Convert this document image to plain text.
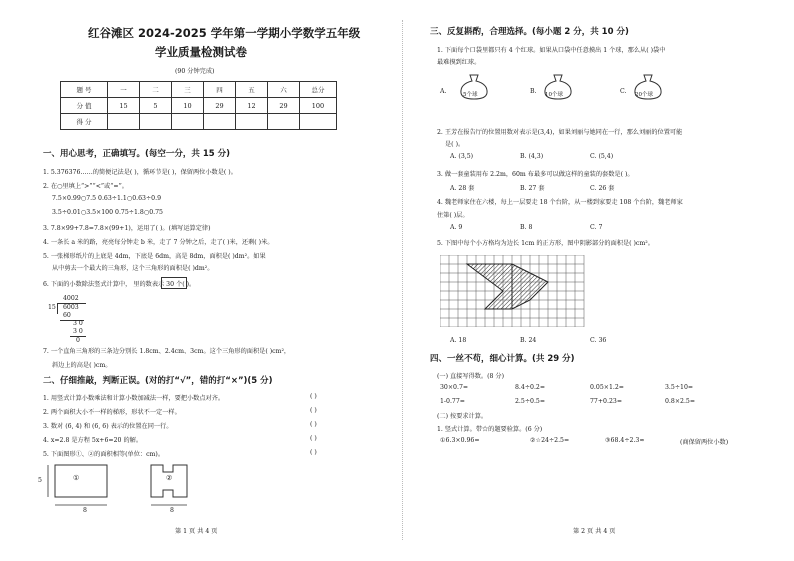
红谷滩区 2024-2025 学年第一学期小学数学五年级
学业质量检测试卷
(90 分钟完成)
题 号	一	二	三	四	五	六	总分
分 值	15	5	10	29	12	29	100
得 分							
一、用心思考，正确填写。(每空一分，共 15 分)
1. 5.376376……的简便记法是( )，循环节是( )，保留两位小数是( )。
2. 在○里填上“>”“<”或“=”。
7.5×0.99○7.5 0.63÷1.1○0.63÷0.9
3.5÷0.01○3.5×100 0.75÷1.8○0.75
3. 7.8×99+7.8=7.8×(99+1)，运用了( )。(填写运算定律)
4. 一条长 a 米的路，亮亮每分钟走 b 米，走了 7 分钟之后，走了( )米，还剩( )米。
5. 一张梯形纸片的上底是 4dm，下底是 6dm，高是 8dm，面积是( )dm²。如果
从中剪去一个最大的三角形，这个三角形的面积是( )dm²。
6. 下面的小数除法竖式计算中， 里的数表示 30 个( )。
4002
15 6003
60
3 0
3 0
0
7. 一个直角三角形的三条边分别长 1.8cm、2.4cm、3cm。这个三角形的面积是( )cm²，
斜边上的高是( )cm。
二、仔细推敲，判断正误。(对的打“√”，错的打“×”)(5 分)
1. 用竖式计算小数乘法和计算小数加减法一样，要把小数点对齐。
2. 两个面积大小不一样的梯形，形状不一定一样。
3. 数对 (6, 4) 和 (6, 6) 表示的位置在同一行。
4. x=2.8 是方程 5x+6=20 的解。
5. 下面图形①、②的面积相等(单位：cm)。
( )
( )
( )
( )
( )
①	②
5
8	8
第 1 页 共 4 页
三、反复斟酌，合理选择。(每小题 2 分，共 10 分)
1. 下面每个口袋里都只有 4 个红球。如果从口袋中任意摸出 1 个球，那么从( )袋中
最难摸到红球。
A.	B.	C.
5个球	10个球	20个球
2. 王芳在报告厅的位置用数对表示是(3,4)，如果刘丽与她同在一行，那么刘丽的位置可能
是( )。
A. (3,5)	B. (4,3)	C. (5,4)
3. 做一套童装用布 2.2m，60m 布最多可以做这样的童装的套数是( )。
A. 28 套	B. 27 套	C. 26 套
4. 魏老师家住在六楼，每上一层要走 18 个台阶，从一楼到家要走 108 个台阶，魏老师家
住第( )层。
A. 9	B. 8	C. 7
5. 下图中每个小方格均为边长 1cm 的正方形，图中阴影部分的面积是( )cm²。
A. 18	B. 24	C. 36
四、一丝不苟，细心计算。(共 29 分)
(一) 直接写得数。(8 分)
30×0.7=	8.4÷0.2=	0.05×1.2=	3.5÷10=
1-0.77=	2.5÷0.5=	77+0.23=	0.8×2.5=
(二) 按要求计算。
1. 竖式计算。带☆的题要验算。(6 分)
①6.3×0.96=	②☆24÷2.5=	③68.4÷2.3≈	(商保留两位小数)
第 2 页 共 4 页
